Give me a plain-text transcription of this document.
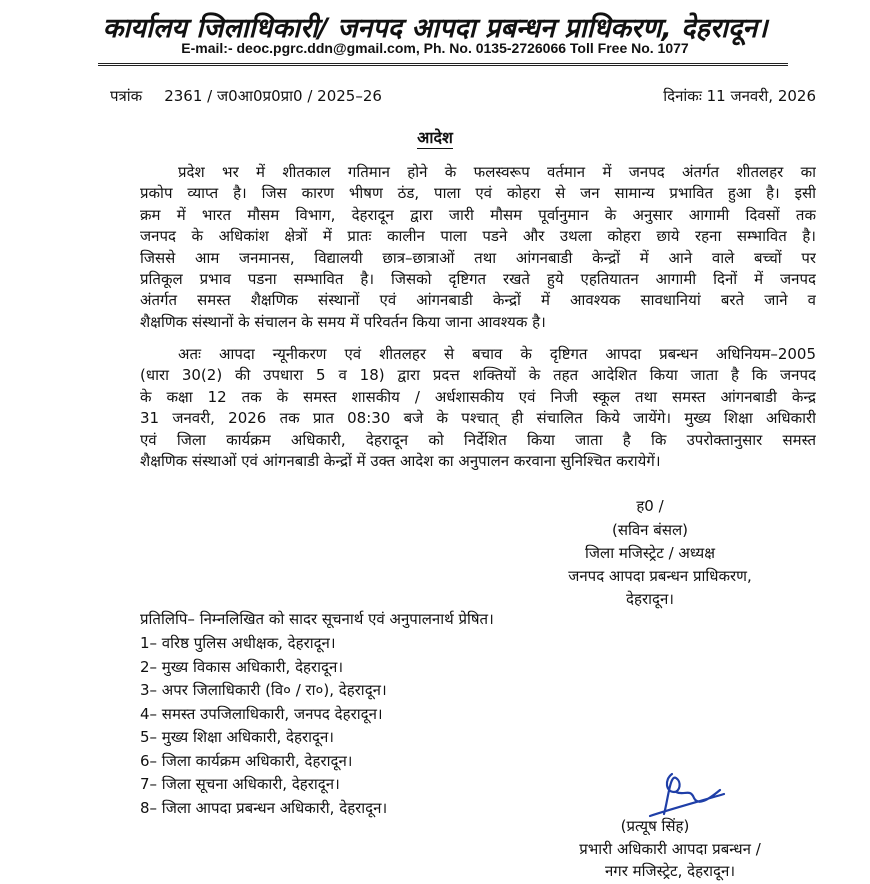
कार्यालय जिलाधिकारी/ जनपद आपदा प्रबन्धन प्राधिकरण, देहरादून।
E-mail:- deoc.pgrc.ddn@gmail.com, Ph. No. 0135-2726066 Toll Free No. 1077
पत्रांक 2361 / ज0आ0प्र0प्रा0 / 2025–26	दिनांकः 11 जनवरी, 2026
आदेश
प्रदेश भर में शीतकाल गतिमान होने के फलस्वरूप वर्तमान में जनपद अंतर्गत शीतलहर का
प्रकोप व्याप्त है। जिस कारण भीषण ठंड, पाला एवं कोहरा से जन सामान्य प्रभावित हुआ है। इसी
क्रम में भारत मौसम विभाग, देहरादून द्वारा जारी मौसम पूर्वानुमान के अनुसार आगामी दिवसों तक
जनपद के अधिकांश क्षेत्रों में प्रातः कालीन पाला पडने और उथला कोहरा छाये रहना सम्भावित है।
जिससे आम जनमानस, विद्यालयी छात्र–छात्राओं तथा आंगनबाडी केन्द्रों में आने वाले बच्चों पर
प्रतिकूल प्रभाव पडना सम्भावित है। जिसको दृष्टिगत रखते हुये एहतियातन आगामी दिनों में जनपद
अंतर्गत समस्त शैक्षणिक संस्थानों एवं आंगनबाडी केन्द्रों में आवश्यक सावधानियां बरते जाने व
शैक्षणिक संस्थानों के संचालन के समय में परिवर्तन किया जाना आवश्यक है।
अतः आपदा न्यूनीकरण एवं शीतलहर से बचाव के दृष्टिगत आपदा प्रबन्धन अधिनियम–2005
(धारा 30(2) की उपधारा 5 व 18) द्वारा प्रदत्त शक्तियों के तहत आदेशित किया जाता है कि जनपद
के कक्षा 12 तक के समस्त शासकीय / अर्धशासकीय एवं निजी स्कूल तथा समस्त आंगनबाडी केन्द्र
31 जनवरी, 2026 तक प्रात 08:30 बजे के पश्चात् ही संचालित किये जायेंगे। मुख्य शिक्षा अधिकारी
एवं जिला कार्यक्रम अधिकारी, देहरादून को निर्देशित किया जाता है कि उपरोक्तानुसार समस्त
शैक्षणिक संस्थाओं एवं आंगनबाडी केन्द्रों में उक्त आदेश का अनुपालन करवाना सुनिश्चित करायेगें।
ह0 /
(सविन बंसल)
जिला मजिस्ट्रेट / अध्यक्ष
जनपद आपदा प्रबन्धन प्राधिकरण,
देहरादून।
प्रतिलिपि– निम्नलिखित को सादर सूचनार्थ एवं अनुपालनार्थ प्रेषित।
1– वरिष्ठ पुलिस अधीक्षक, देहरादून।
2– मुख्य विकास अधिकारी, देहरादून।
3– अपर जिलाधिकारी (वि० / रा०), देहरादून।
4– समस्त उपजिलाधिकारी, जनपद देहरादून।
5– मुख्य शिक्षा अधिकारी, देहरादून।
6– जिला कार्यक्रम अधिकारी, देहरादून।
7– जिला सूचना अधिकारी, देहरादून।
8– जिला आपदा प्रबन्धन अधिकारी, देहरादून।
(प्रत्यूष सिंह)
प्रभारी अधिकारी आपदा प्रबन्धन /
नगर मजिस्ट्रेट, देहरादून।
